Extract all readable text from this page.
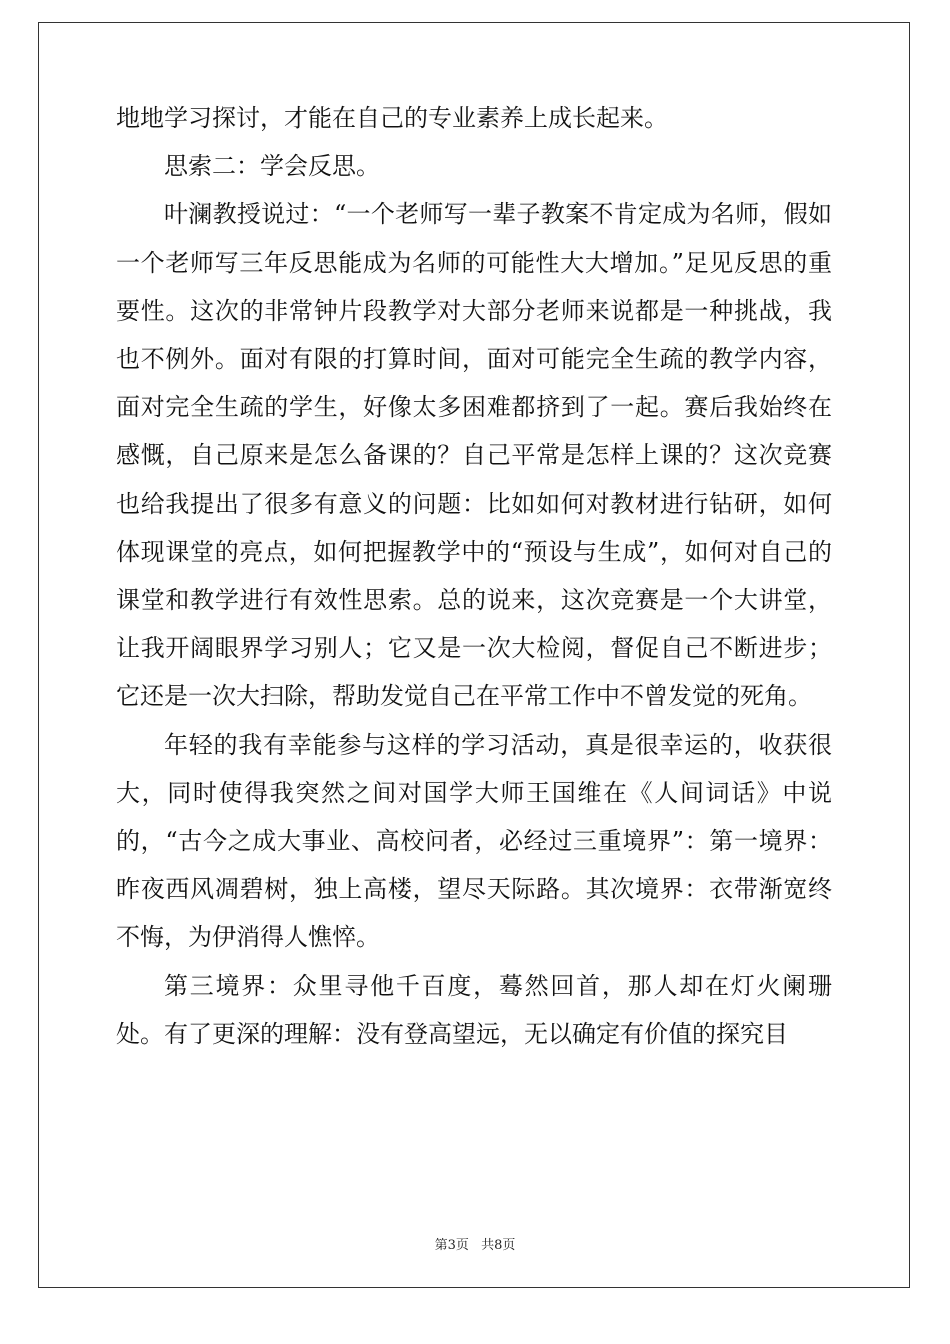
地地学习探讨，才能在自己的专业素养上成长起来。

思索二：学会反思。

叶澜教授说过：“一个老师写一辈子教案不肯定成为名师，假如一个老师写三年反思能成为名师的可能性大大增加。”足见反思的重要性。这次的非常钟片段教学对大部分老师来说都是一种挑战，我也不例外。面对有限的打算时间，面对可能完全生疏的教学内容，面对完全生疏的学生，好像太多困难都挤到了一起。赛后我始终在感慨，自己原来是怎么备课的？自己平常是怎样上课的？这次竞赛也给我提出了很多有意义的问题：比如如何对教材进行钻研，如何体现课堂的亮点，如何把握教学中的“预设与生成”，如何对自己的课堂和教学进行有效性思索。总的说来，这次竞赛是一个大讲堂，让我开阔眼界学习别人；它又是一次大检阅，督促自己不断进步；它还是一次大扫除，帮助发觉自己在平常工作中不曾发觉的死角。

年轻的我有幸能参与这样的学习活动，真是很幸运的，收获很大，同时使得我突然之间对国学大师王国维在《人间词话》中说的，“古今之成大事业、高校问者，必经过三重境界”：第一境界：昨夜西风凋碧树，独上高楼，望尽天际路。其次境界：衣带渐宽终不悔，为伊消得人憔悴。

第三境界：众里寻他千百度，蓦然回首，那人却在灯火阑珊处。有了更深的理解：没有登高望远，无以确定有价值的探究目

第3页 共8页
